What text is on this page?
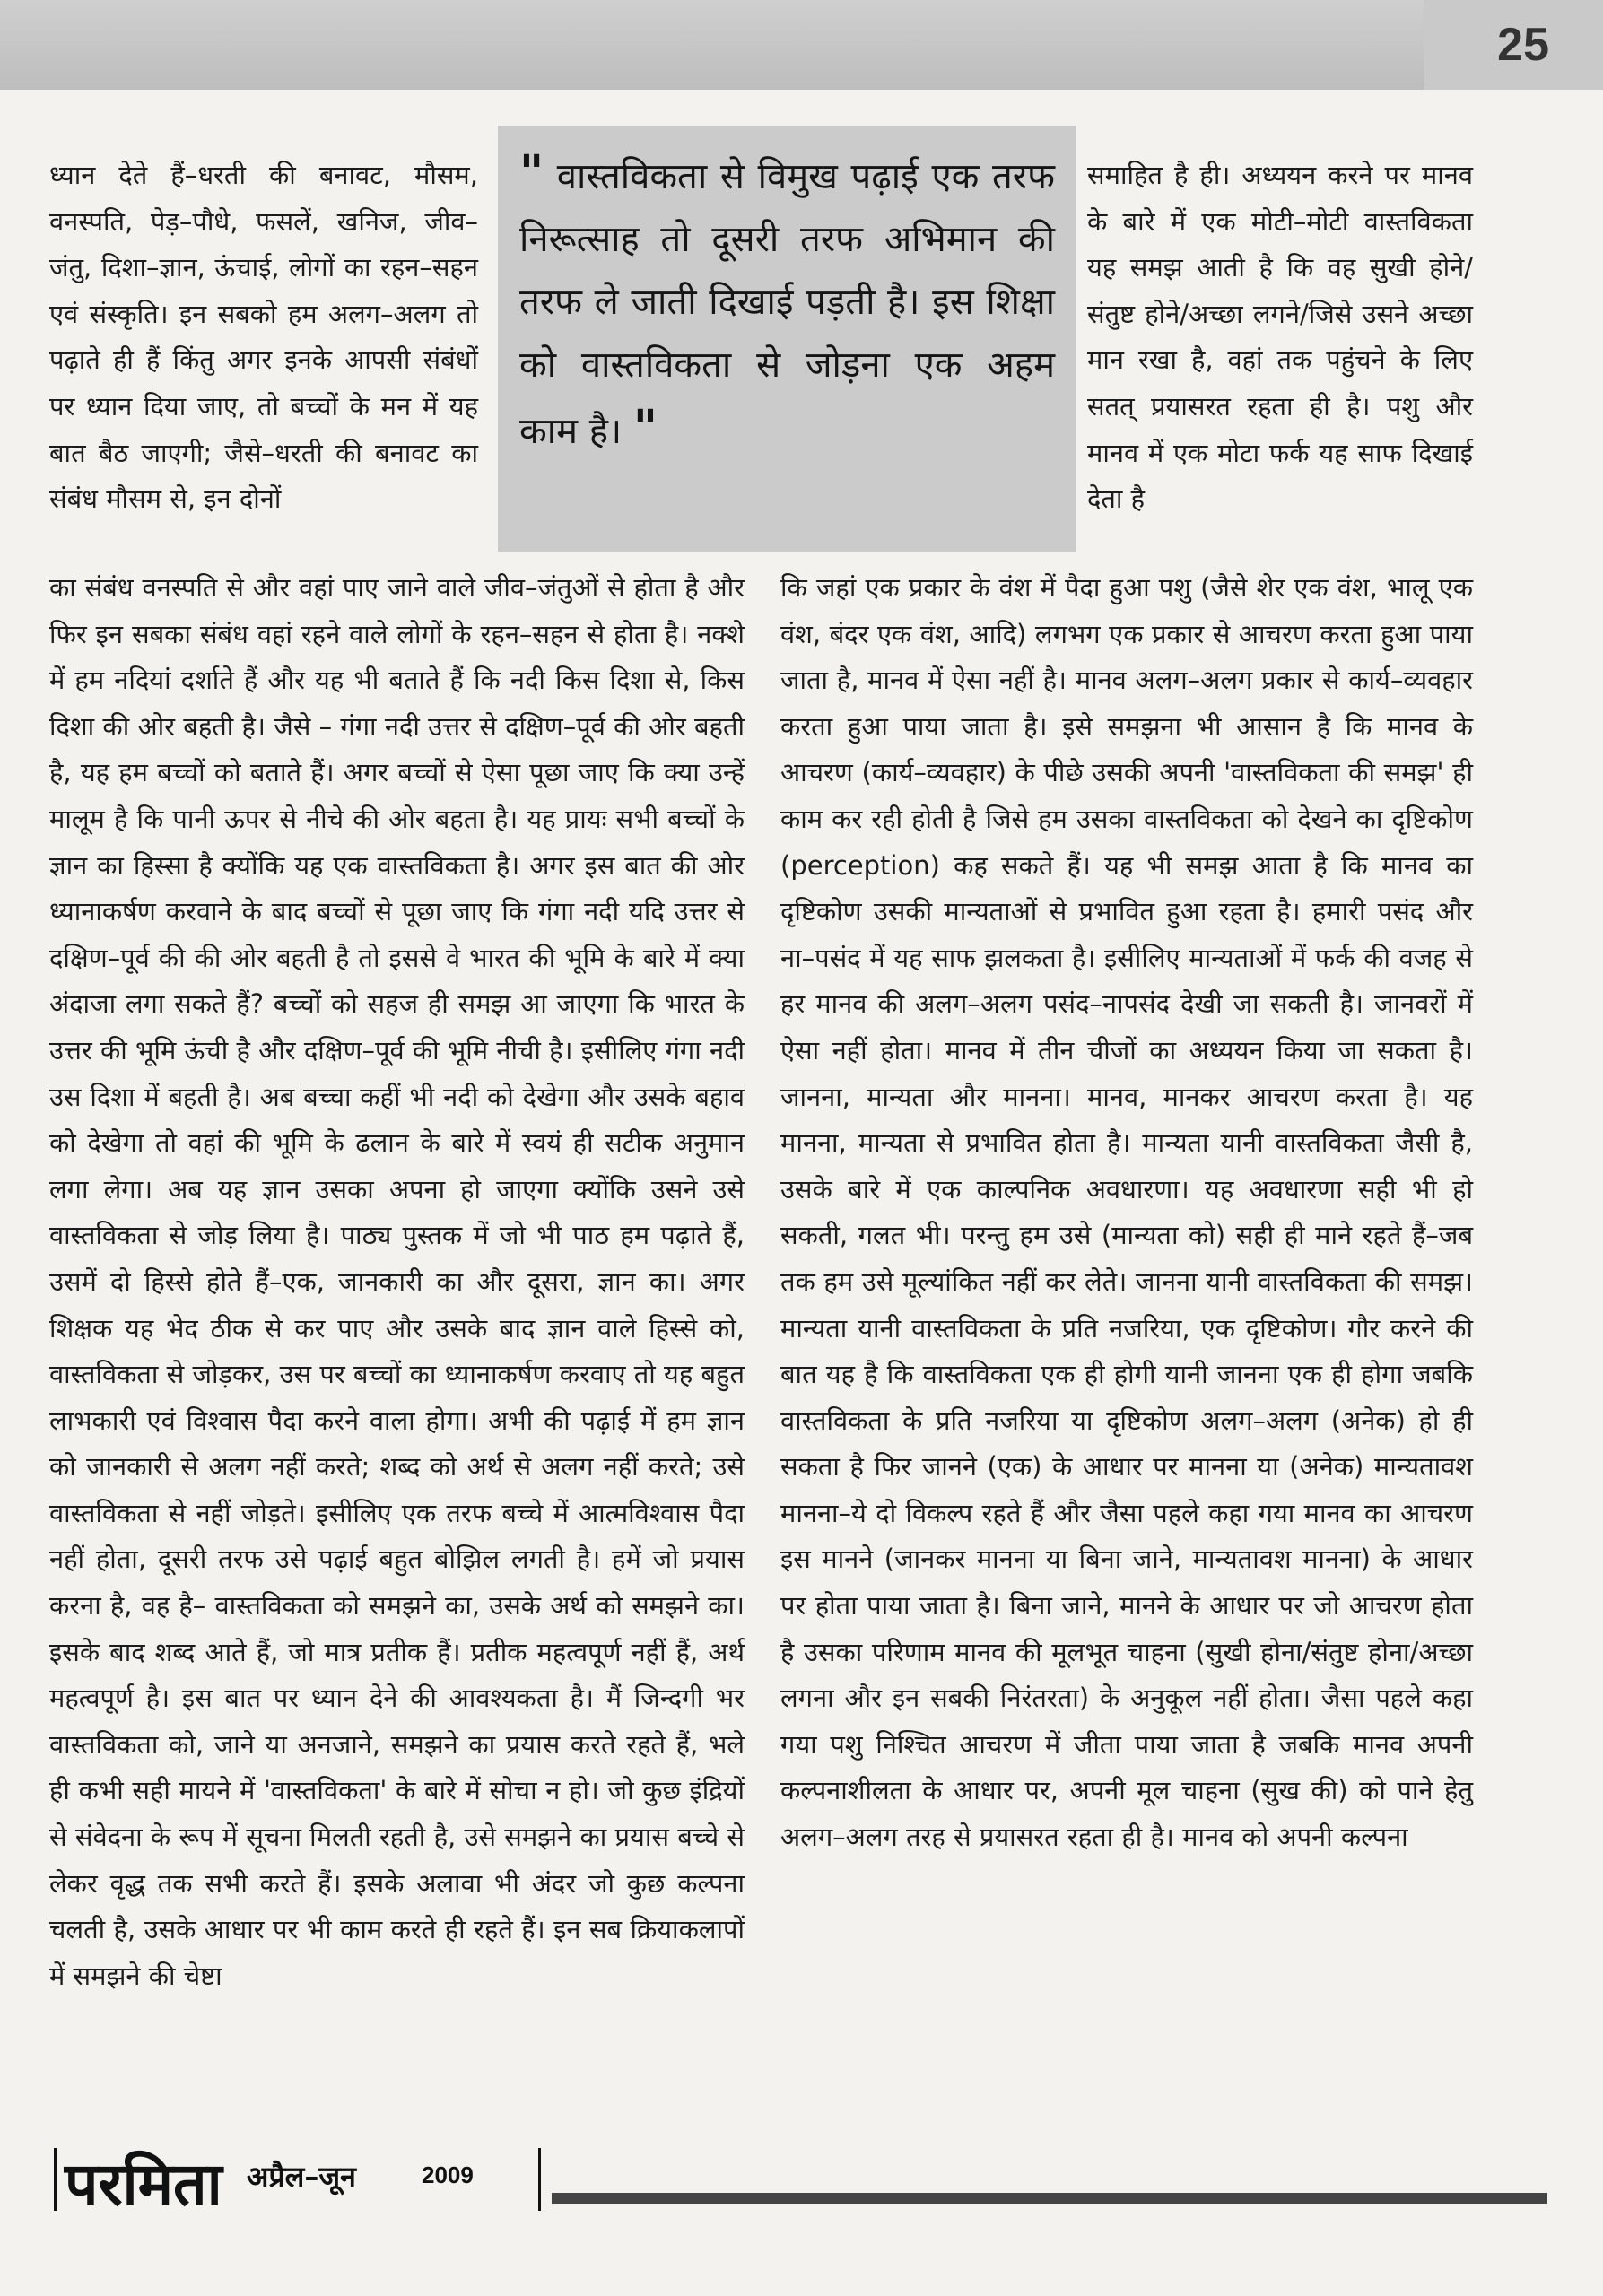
25
" वास्तविकता से विमुख पढ़ाई एक तरफ निरूत्साह तो दूसरी तरफ अभिमान की तरफ ले जाती दिखाई पड़ती है। इस शिक्षा को वास्तविकता से जोड़ना एक अहम काम है। "

ध्यान देते हैं–धरती की बनावट, मौसम, वनस्पति, पेड़–पौधे, फसलें, खनिज, जीव–जंतु, दिशा–ज्ञान, ऊंचाई, लोगों का रहन–सहन एवं संस्कृति। इन सबको हम अलग–अलग तो पढ़ाते ही हैं किंतु अगर इनके आपसी संबंधों पर ध्यान दिया जाए, तो बच्चों के मन में यह बात बैठ जाएगी; जैसे–धरती की बनावट का संबंध मौसम से, इन दोनों

का संबंध वनस्पति से और वहां पाए जाने वाले जीव–जंतुओं से होता है और फिर इन सबका संबंध वहां रहने वाले लोगों के रहन–सहन से होता है। नक्शे में हम नदियां दर्शाते हैं और यह भी बताते हैं कि नदी किस दिशा से, किस दिशा की ओर बहती है। जैसे – गंगा नदी उत्तर से दक्षिण–पूर्व की ओर बहती है, यह हम बच्चों को बताते हैं। अगर बच्चों से ऐसा पूछा जाए कि क्या उन्हें मालूम है कि पानी ऊपर से नीचे की ओर बहता है। यह प्रायः सभी बच्चों के ज्ञान का हिस्सा है क्योंकि यह एक वास्तविकता है। अगर इस बात की ओर ध्यानाकर्षण करवाने के बाद बच्चों से पूछा जाए कि गंगा नदी यदि उत्तर से दक्षिण–पूर्व की की ओर बहती है तो इससे वे भारत की भूमि के बारे में क्या अंदाजा लगा सकते हैं? बच्चों को सहज ही समझ आ जाएगा कि भारत के उत्तर की भूमि ऊंची है और दक्षिण–पूर्व की भूमि नीची है। इसीलिए गंगा नदी उस दिशा में बहती है। अब बच्चा कहीं भी नदी को देखेगा और उसके बहाव को देखेगा तो वहां की भूमि के ढलान के बारे में स्वयं ही सटीक अनुमान लगा लेगा। अब यह ज्ञान उसका अपना हो जाएगा क्योंकि उसने उसे वास्तविकता से जोड़ लिया है। पाठ्य पुस्तक में जो भी पाठ हम पढ़ाते हैं, उसमें दो हिस्से होते हैं–एक, जानकारी का और दूसरा, ज्ञान का। अगर शिक्षक यह भेद ठीक से कर पाए और उसके बाद ज्ञान वाले हिस्से को, वास्तविकता से जोड़कर, उस पर बच्चों का ध्यानाकर्षण करवाए तो यह बहुत लाभकारी एवं विश्वास पैदा करने वाला होगा। अभी की पढ़ाई में हम ज्ञान को जानकारी से अलग नहीं करते; शब्द को अर्थ से अलग नहीं करते; उसे वास्तविकता से नहीं जोड़ते। इसीलिए एक तरफ बच्चे में आत्मविश्वास पैदा नहीं होता, दूसरी तरफ उसे पढ़ाई बहुत बोझिल लगती है। हमें जो प्रयास करना है, वह है– वास्तविकता को समझने का, उसके अर्थ को समझने का। इसके बाद शब्द आते हैं, जो मात्र प्रतीक हैं। प्रतीक महत्वपूर्ण नहीं हैं, अर्थ महत्वपूर्ण है। इस बात पर ध्यान देने की आवश्यकता है। मैं जिन्दगी भर वास्तविकता को, जाने या अनजाने, समझने का प्रयास करते रहते हैं, भले ही कभी सही मायने में 'वास्तविकता' के बारे में सोचा न हो। जो कुछ इंद्रियों से संवेदना के रूप में सूचना मिलती रहती है, उसे समझने का प्रयास बच्चे से लेकर वृद्ध तक सभी करते हैं। इसके अलावा भी अंदर जो कुछ कल्पना चलती है, उसके आधार पर भी काम करते ही रहते हैं। इन सब क्रियाकलापों में समझने की चेष्टा

समाहित है ही। अध्ययन करने पर मानव के बारे में एक मोटी–मोटी वास्तविकता यह समझ आती है कि वह सुखी होने/संतुष्ट होने/अच्छा लगने/जिसे उसने अच्छा मान रखा है, वहां तक पहुंचने के लिए सतत् प्रयासरत रहता ही है। पशु और मानव में एक मोटा फर्क यह साफ दिखाई देता है

कि जहां एक प्रकार के वंश में पैदा हुआ पशु (जैसे शेर एक वंश, भालू एक वंश, बंदर एक वंश, आदि) लगभग एक प्रकार से आचरण करता हुआ पाया जाता है, मानव में ऐसा नहीं है। मानव अलग–अलग प्रकार से कार्य–व्यवहार करता हुआ पाया जाता है। इसे समझना भी आसान है कि मानव के आचरण (कार्य–व्यवहार) के पीछे उसकी अपनी 'वास्तविकता की समझ' ही काम कर रही होती है जिसे हम उसका वास्तविकता को देखने का दृष्टिकोण (perception) कह सकते हैं। यह भी समझ आता है कि मानव का दृष्टिकोण उसकी मान्यताओं से प्रभावित हुआ रहता है। हमारी पसंद और ना–पसंद में यह साफ झलकता है। इसीलिए मान्यताओं में फर्क की वजह से हर मानव की अलग–अलग पसंद–नापसंद देखी जा सकती है। जानवरों में ऐसा नहीं होता। मानव में तीन चीजों का अध्ययन किया जा सकता है। जानना, मान्यता और मानना। मानव, मानकर आचरण करता है। यह मानना, मान्यता से प्रभावित होता है। मान्यता यानी वास्तविकता जैसी है, उसके बारे में एक काल्पनिक अवधारणा। यह अवधारणा सही भी हो सकती, गलत भी। परन्तु हम उसे (मान्यता को) सही ही माने रहते हैं–जब तक हम उसे मूल्यांकित नहीं कर लेते। जानना यानी वास्तविकता की समझ। मान्यता यानी वास्तविकता के प्रति नजरिया, एक दृष्टिकोण। गौर करने की बात यह है कि वास्तविकता एक ही होगी यानी जानना एक ही होगा जबकि वास्तविकता के प्रति नजरिया या दृष्टिकोण अलग–अलग (अनेक) हो ही सकता है फिर जानने (एक) के आधार पर मानना या (अनेक) मान्यतावश मानना–ये दो विकल्प रहते हैं और जैसा पहले कहा गया मानव का आचरण इस मानने (जानकर मानना या बिना जाने, मान्यतावश मानना) के आधार पर होता पाया जाता है। बिना जाने, मानने के आधार पर जो आचरण होता है उसका परिणाम मानव की मूलभूत चाहना (सुखी होना/संतुष्ट होना/अच्छा लगना और इन सबकी निरंतरता) के अनुकूल नहीं होता। जैसा पहले कहा गया पशु निश्चित आचरण में जीता पाया जाता है जबकि मानव अपनी कल्पनाशीलता के आधार पर, अपनी मूल चाहना (सुख की) को पाने हेतु अलग–अलग तरह से प्रयासरत रहता ही है। मानव को अपनी कल्पना

परमिता अप्रैल–जून	2009
